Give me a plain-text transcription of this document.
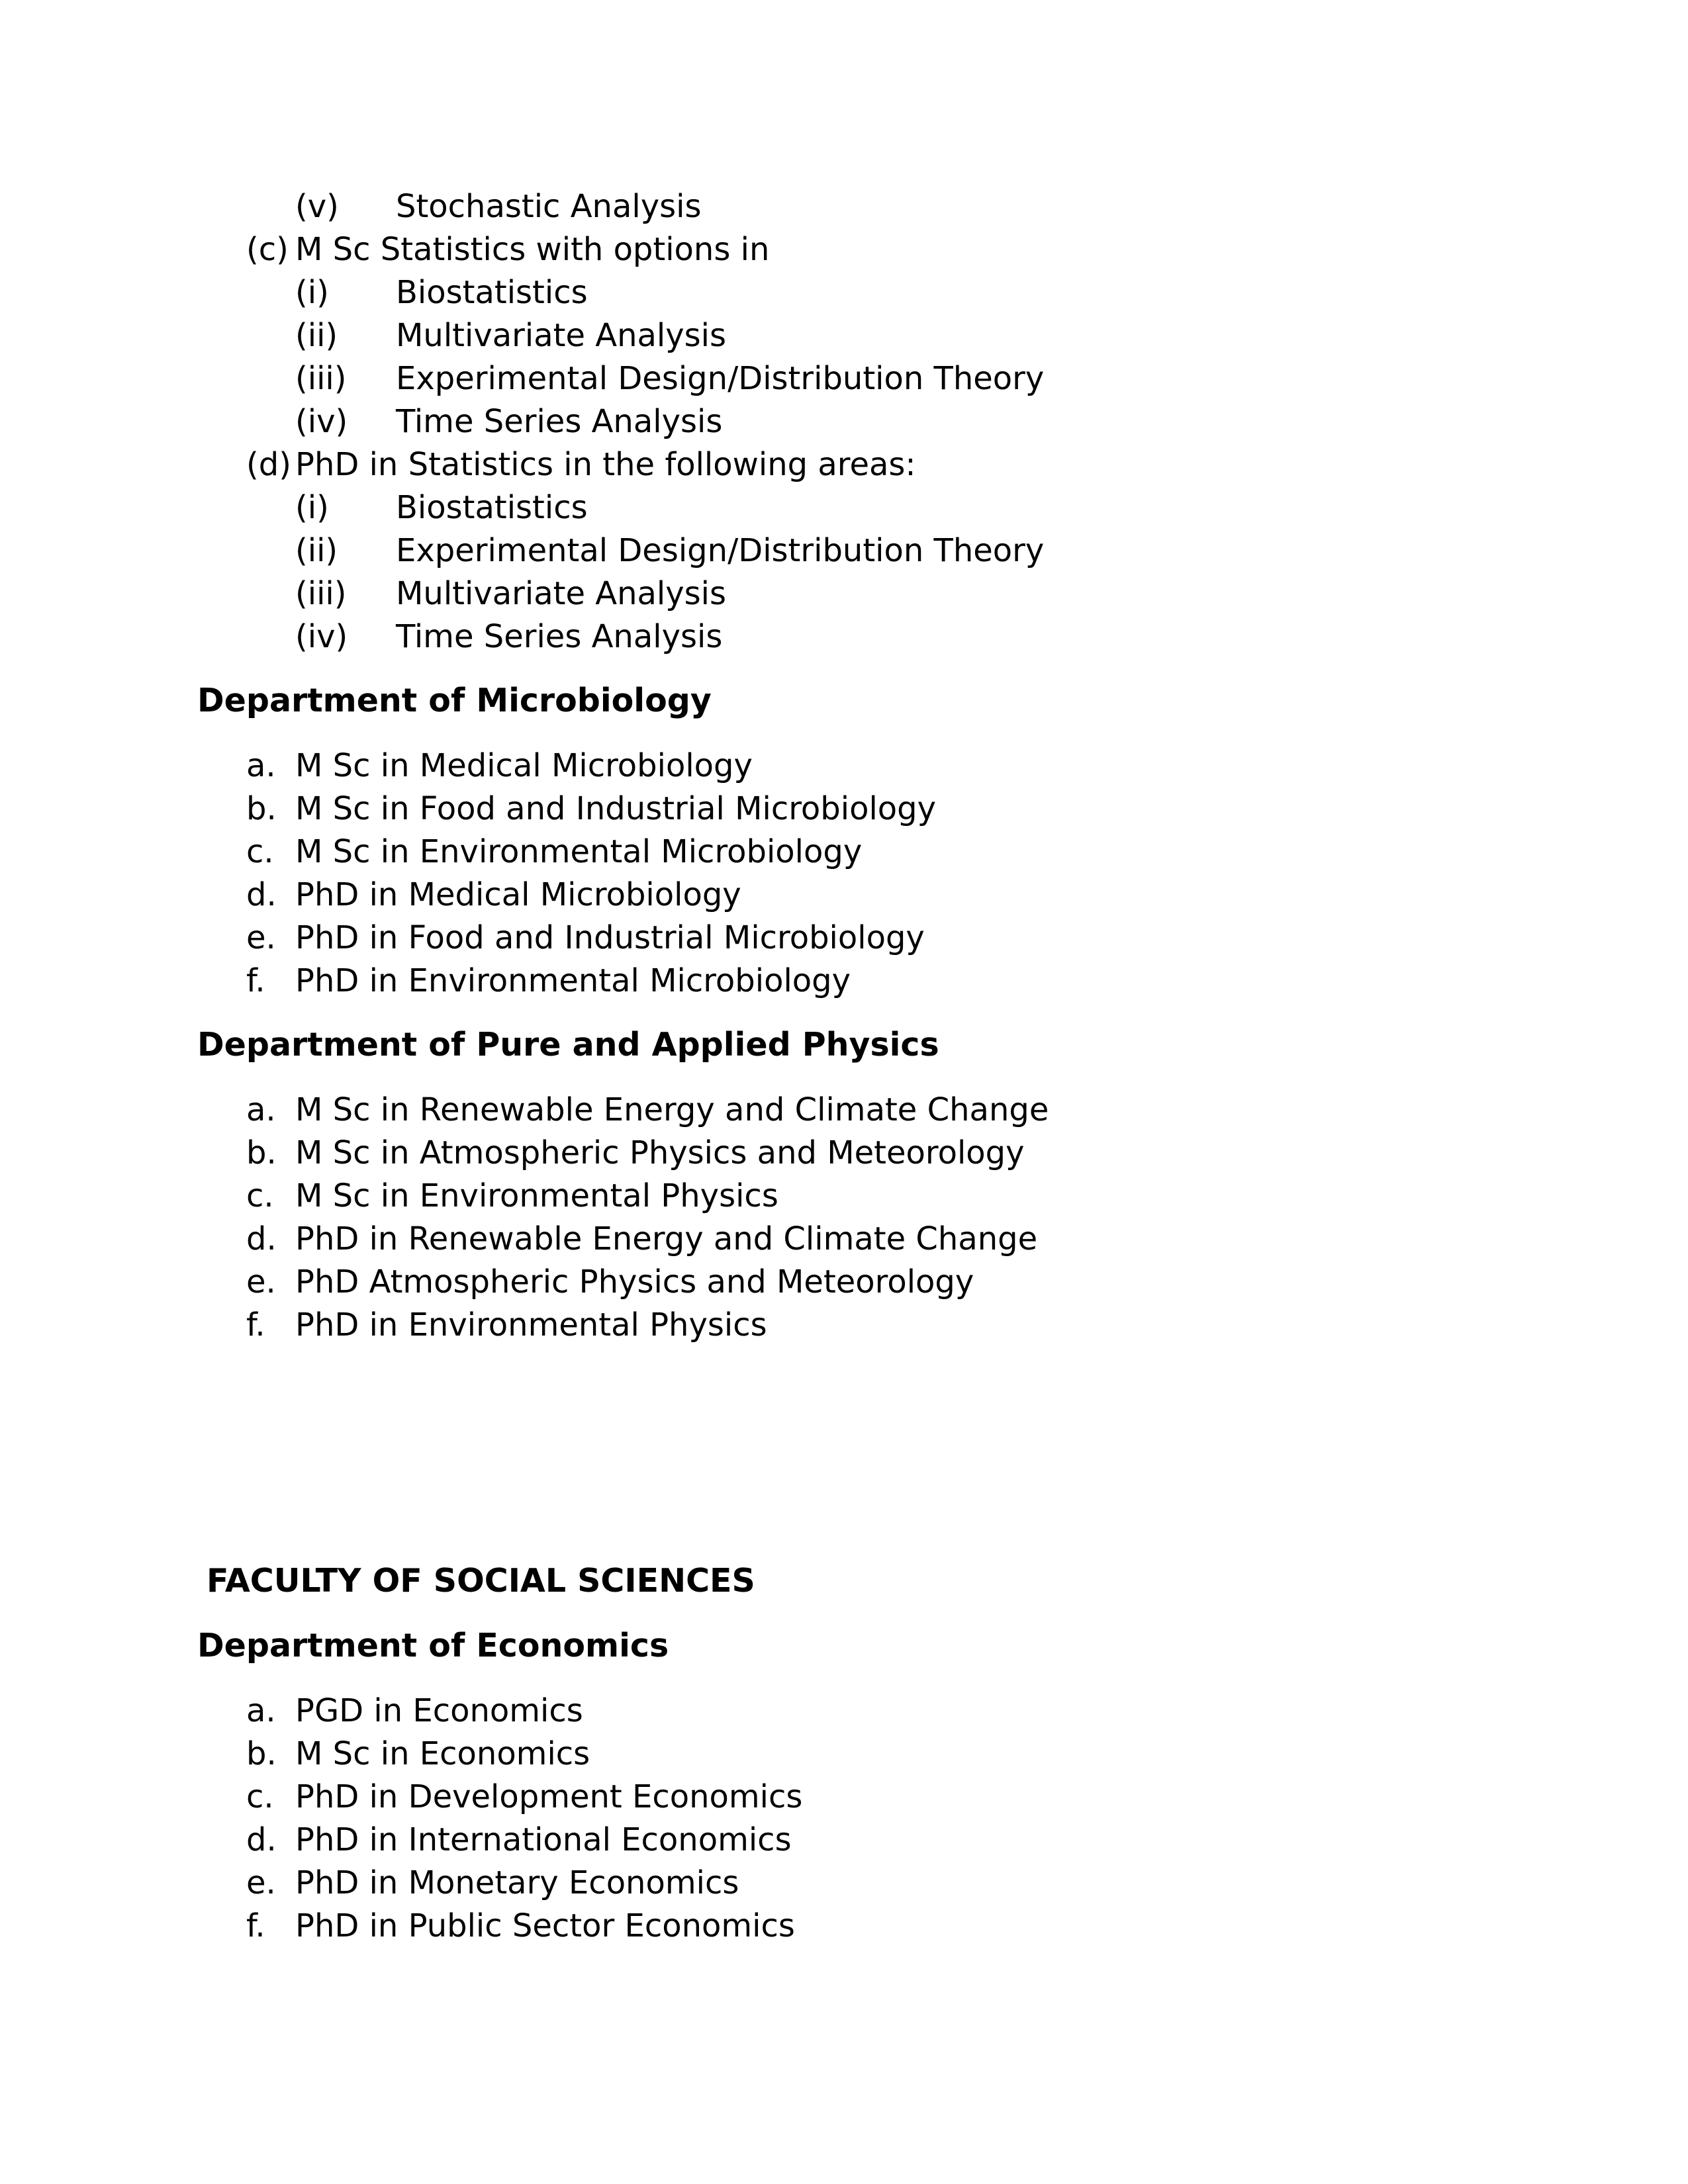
(v) Stochastic Analysis
(c) M Sc Statistics with options in
(i) Biostatistics
(ii) Multivariate Analysis
(iii) Experimental Design/Distribution Theory
(iv) Time Series Analysis
(d) PhD in Statistics in the following areas:
(i) Biostatistics
(ii) Experimental Design/Distribution Theory
(iii) Multivariate Analysis
(iv) Time Series Analysis
Department of Microbiology
a. M Sc in Medical Microbiology
b. M Sc in Food and Industrial Microbiology
c. M Sc in Environmental Microbiology
d. PhD in Medical Microbiology
e. PhD in Food and Industrial Microbiology
f. PhD in Environmental Microbiology
Department of Pure and Applied Physics
a. M Sc in Renewable Energy and Climate Change
b. M Sc in Atmospheric Physics and Meteorology
c. M Sc in Environmental Physics
d. PhD in Renewable Energy and Climate Change
e. PhD Atmospheric Physics and Meteorology
f. PhD in Environmental Physics
FACULTY OF SOCIAL SCIENCES
Department of Economics
a. PGD in Economics
b. M Sc in Economics
c. PhD in Development Economics
d. PhD in International Economics
e. PhD in Monetary Economics
f. PhD in Public Sector Economics
